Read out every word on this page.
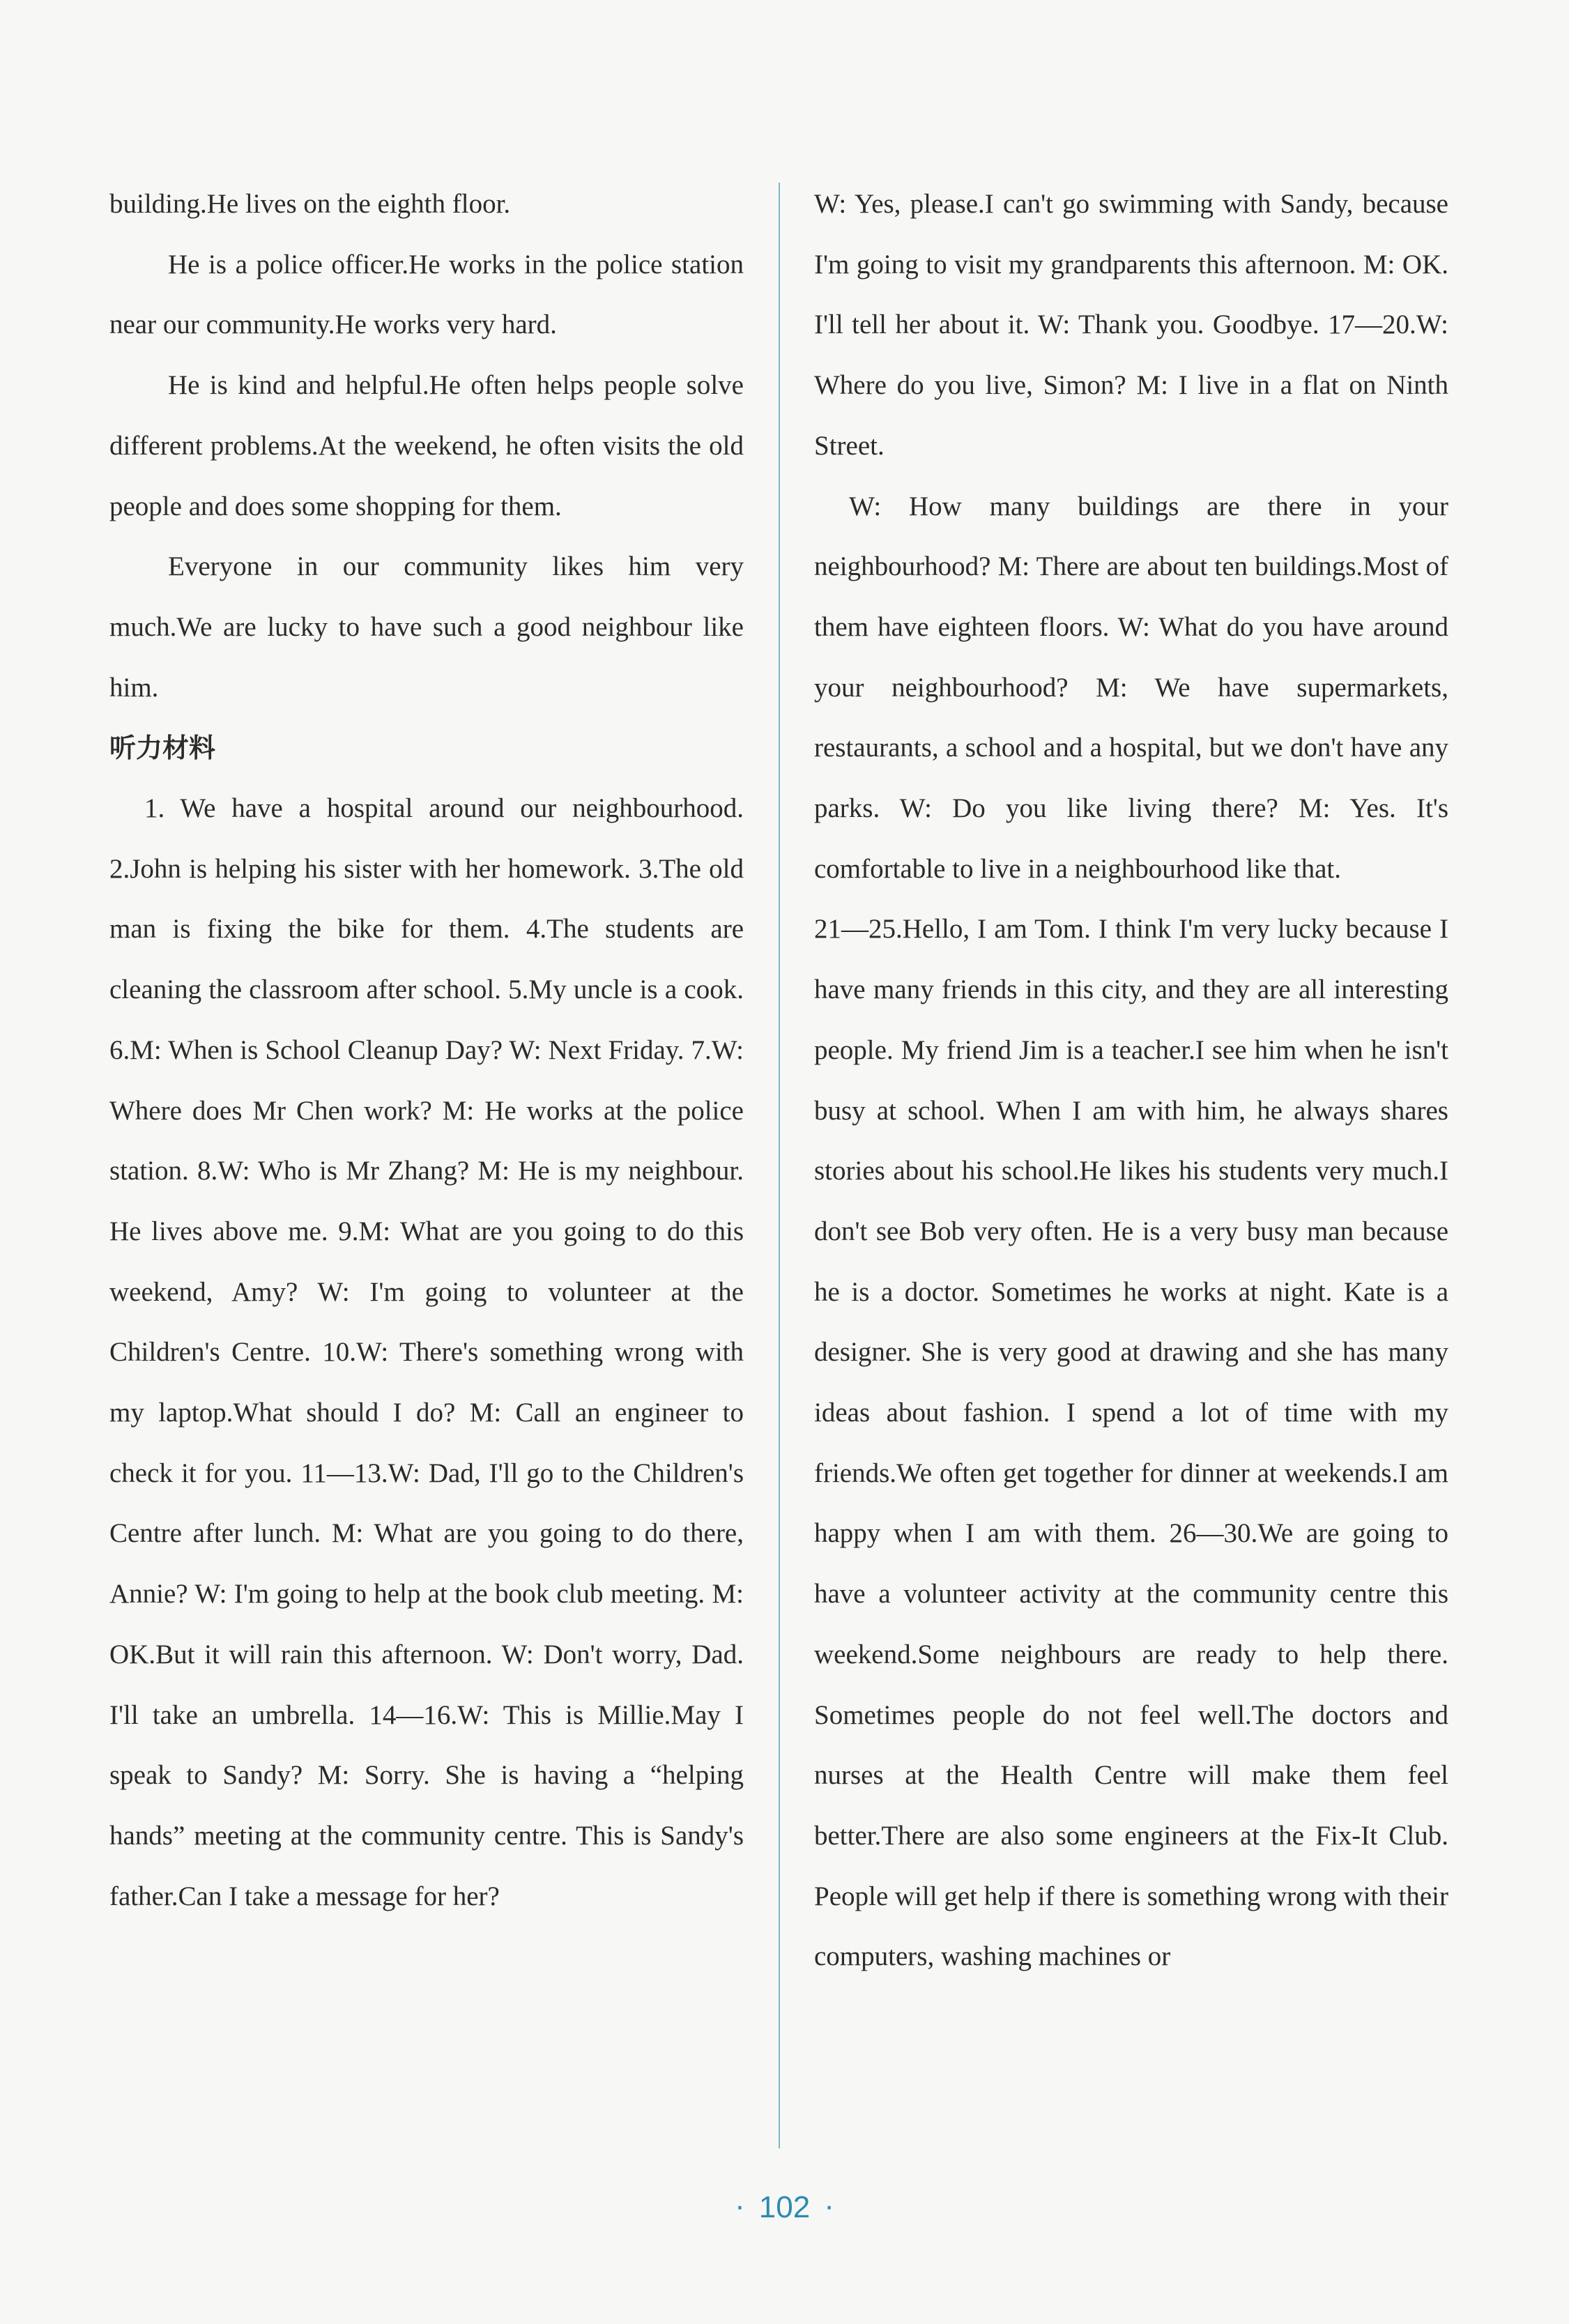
building.He lives on the eighth floor.

He is a police officer.He works in the police station near our community.He works very hard.

He is kind and helpful.He often helps people solve different problems.At the weekend, he often visits the old people and does some shopping for them.

Everyone in our community likes him very much.We are lucky to have such a good neighbour like him.

听力材料

1. We have a hospital around our neighbourhood. 2.John is helping his sister with her homework. 3.The old man is fixing the bike for them. 4.The students are cleaning the classroom after school. 5.My uncle is a cook. 6.M: When is School Cleanup Day? W: Next Friday. 7.W: Where does Mr Chen work? M: He works at the police station. 8.W: Who is Mr Zhang? M: He is my neighbour. He lives above me. 9.M: What are you going to do this weekend, Amy? W: I'm going to volunteer at the Children's Centre. 10.W: There's something wrong with my laptop.What should I do? M: Call an engineer to check it for you. 11—13.W: Dad, I'll go to the Children's Centre after lunch. M: What are you going to do there, Annie? W: I'm going to help at the book club meeting. M: OK.But it will rain this afternoon. W: Don't worry, Dad. I'll take an umbrella. 14—16.W: This is Millie.May I speak to Sandy? M: Sorry. She is having a “helping hands” meeting at the community centre. This is Sandy's father.Can I take a message for her?

W: Yes, please.I can't go swimming with Sandy, because I'm going to visit my grandparents this afternoon. M: OK. I'll tell her about it. W: Thank you. Goodbye. 17—20.W: Where do you live, Simon? M: I live in a flat on Ninth Street.

W: How many buildings are there in your neighbourhood? M: There are about ten buildings.Most of them have eighteen floors. W: What do you have around your neighbourhood? M: We have supermarkets, restaurants, a school and a hospital, but we don't have any parks. W: Do you like living there? M: Yes. It's comfortable to live in a neighbourhood like that.

21—25.Hello, I am Tom. I think I'm very lucky because I have many friends in this city, and they are all interesting people. My friend Jim is a teacher.I see him when he isn't busy at school. When I am with him, he always shares stories about his school.He likes his students very much.I don't see Bob very often. He is a very busy man because he is a doctor. Sometimes he works at night. Kate is a designer. She is very good at drawing and she has many ideas about fashion. I spend a lot of time with my friends.We often get together for dinner at weekends.I am happy when I am with them. 26—30.We are going to have a volunteer activity at the community centre this weekend.Some neighbours are ready to help there. Sometimes people do not feel well.The doctors and nurses at the Health Centre will make them feel better.There are also some engineers at the Fix-It Club. People will get help if there is something wrong with their computers, washing machines or

· 102 ·
